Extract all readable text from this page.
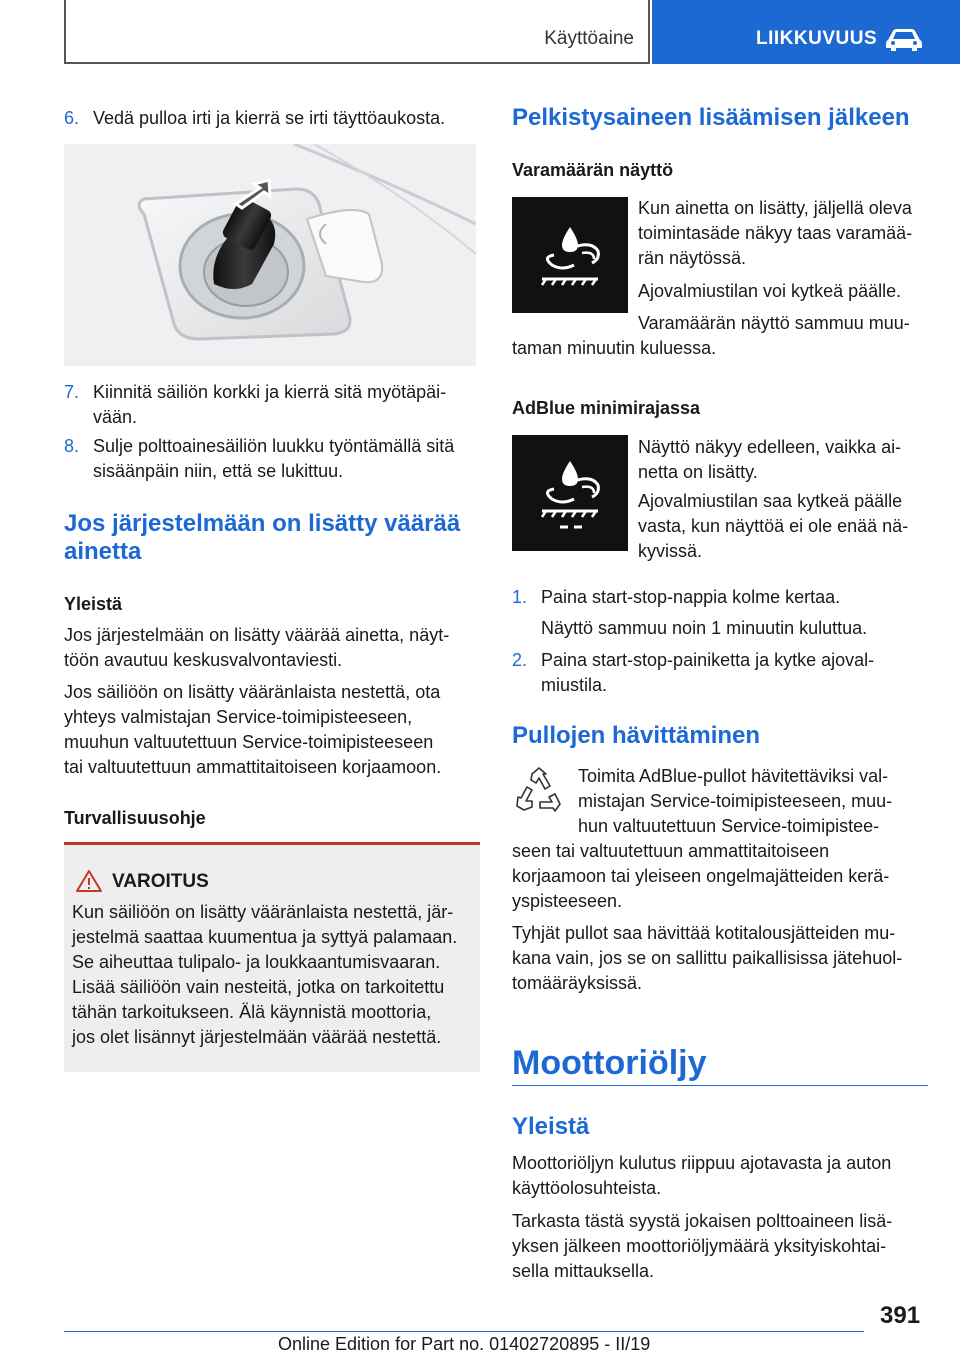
Käyttöaine	LIIKKUVUUS
6. Vedä pulloa irti ja kierrä se irti täyttöaukosta.
7. Kiinnitä säiliön korkki ja kierrä sitä myötäpäi-
vään.
8. Sulje polttoainesäiliön luukku työntämällä sitä
sisäänpäin niin, että se lukittuu.
Jos järjestelmään on lisätty väärää
ainetta
Yleistä
Jos järjestelmään on lisätty väärää ainetta, näyt-
töön avautuu keskusvalvontaviesti.
Jos säiliöön on lisätty vääränlaista nestettä, ota
yhteys valmistajan Service-toimipisteeseen,
muuhun valtuutettuun Service-toimipisteeseen
tai valtuutettuun ammattitaitoiseen korjaamoon.
Turvallisuusohje
VAROITUS
Kun säiliöön on lisätty vääränlaista nestettä, jär-
jestelmä saattaa kuumentua ja syttyä palamaan.
Se aiheuttaa tulipalo- ja loukkaantumisvaaran.
Lisää säiliöön vain nesteitä, jotka on tarkoitettu
tähän tarkoitukseen. Älä käynnistä moottoria,
jos olet lisännyt järjestelmään väärää nestettä.
Pelkistysaineen lisäämisen jälkeen
Varamäärän näyttö
Kun ainetta on lisätty, jäljellä oleva
toimintasäde näkyy taas varamää-
rän näytössä.
Ajovalmiustilan voi kytkeä päälle.
Varamäärän näyttö sammuu muu-
taman minuutin kuluessa.
AdBlue minimirajassa
Näyttö näkyy edelleen, vaikka ai-
netta on lisätty.
Ajovalmiustilan saa kytkeä päälle
vasta, kun näyttöä ei ole enää nä-
kyvissä.
1. Paina start-stop-nappia kolme kertaa.
Näyttö sammuu noin 1 minuutin kuluttua.
2. Paina start-stop-painiketta ja kytke ajoval-
miustila.
Pullojen hävittäminen
Toimita AdBlue-pullot hävitettäviksi val-
mistajan Service-toimipisteeseen, muu-
hun valtuutettuun Service-toimipistee-
seen tai valtuutettuun ammattitaitoiseen
korjaamoon tai yleiseen ongelmajätteiden kerä-
yspisteeseen.
Tyhjät pullot saa hävittää kotitalousjätteiden mu-
kana vain, jos se on sallittu paikallisissa jätehuol-
tomääräyksissä.
Moottoriöljy
Yleistä
Moottoriöljyn kulutus riippuu ajotavasta ja auton
käyttöolosuhteista.
Tarkasta tästä syystä jokaisen polttoaineen lisä-
yksen jälkeen moottoriöljymäärä yksityiskohtai-
sella mittauksella.
391
Online Edition for Part no. 01402720895 - II/19
